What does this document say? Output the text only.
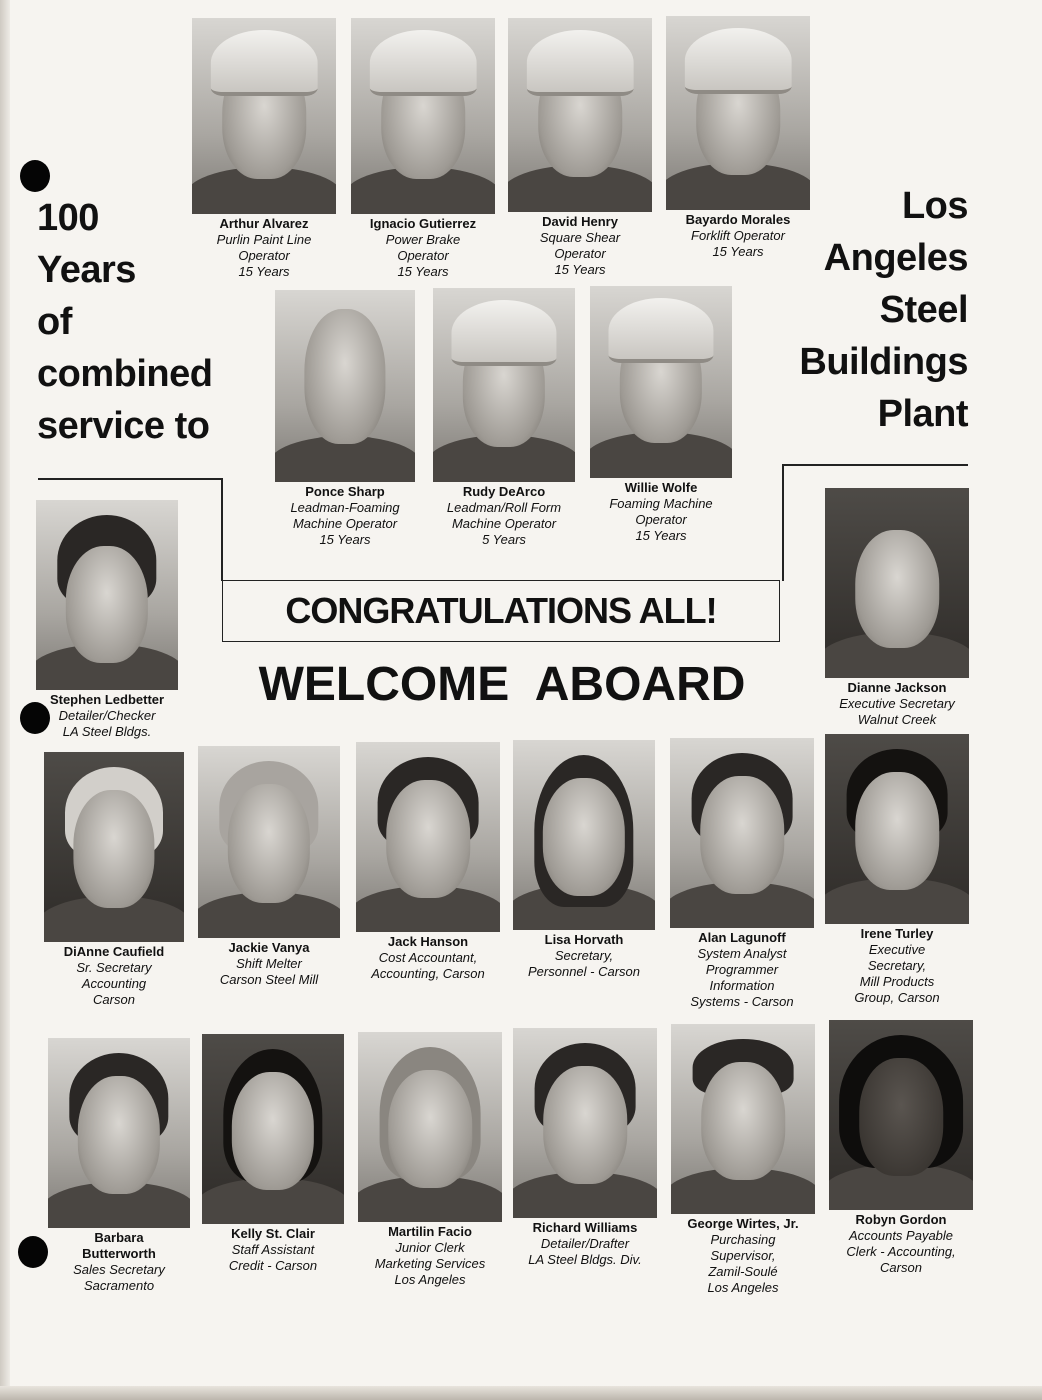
100
Years
of
combined
service to
Los
Angeles
Steel
Buildings
Plant
Arthur Alvarez
Purlin Paint Line
Operator
15 Years
Ignacio Gutierrez
Power Brake
Operator
15 Years
David Henry
Square Shear
Operator
15 Years
Bayardo Morales
Forklift Operator
15 Years
Ponce Sharp
Leadman-Foaming
Machine Operator
15 Years
Rudy DeArco
Leadman/Roll Form
Machine Operator
5 Years
Willie Wolfe
Foaming Machine
Operator
15 Years
CONGRATULATIONS ALL!
WELCOME ABOARD
Stephen Ledbetter
Detailer/Checker
LA Steel Bldgs.
Dianne Jackson
Executive Secretary
Walnut Creek
DiAnne Caufield
Sr. Secretary
Accounting
Carson
Jackie Vanya
Shift Melter
Carson Steel Mill
Jack Hanson
Cost Accountant,
Accounting, Carson
Lisa Horvath
Secretary,
Personnel - Carson
Alan Lagunoff
System Analyst
Programmer
Information
Systems - Carson
Irene Turley
Executive
Secretary,
Mill Products
Group, Carson
Barbara
Butterworth
Sales Secretary
Sacramento
Kelly St. Clair
Staff Assistant
Credit - Carson
Martilin Facio
Junior Clerk
Marketing Services
Los Angeles
Richard Williams
Detailer/Drafter
LA Steel Bldgs. Div.
George Wirtes, Jr.
Purchasing
Supervisor,
Zamil-Soulé
Los Angeles
Robyn Gordon
Accounts Payable
Clerk - Accounting,
Carson
